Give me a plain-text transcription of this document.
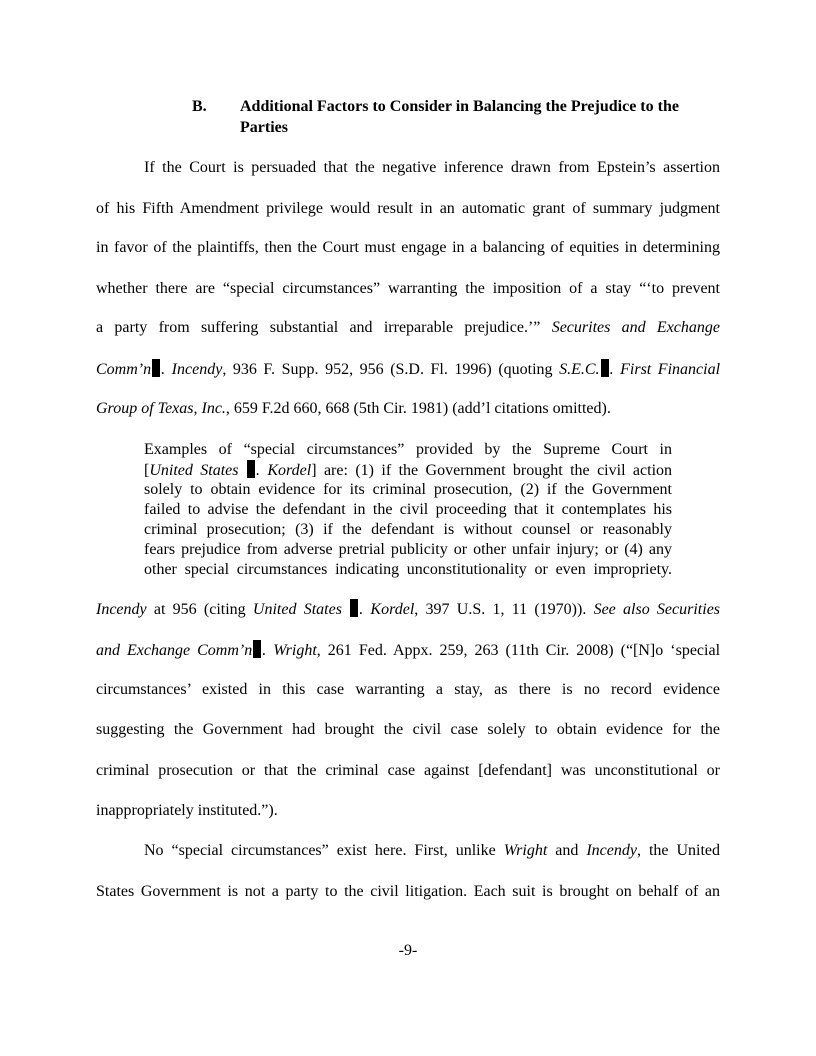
B. Additional Factors to Consider in Balancing the Prejudice to the Parties
If the Court is persuaded that the negative inference drawn from Epstein’s assertion
of his Fifth Amendment privilege would result in an automatic grant of summary judgment
in favor of the plaintiffs, then the Court must engage in a balancing of equities in determining
whether there are “special circumstances” warranting the imposition of a stay “‘to prevent
a party from suffering substantial and irreparable prejudice.’” Securites and Exchange
Comm’n . Incendy, 936 F. Supp. 952, 956 (S.D. Fl. 1996) (quoting S.E.C. . First Financial
Group of Texas, Inc., 659 F.2d 660, 668 (5th Cir. 1981) (add’l citations omitted).
Examples of “special circumstances” provided by the Supreme Court in
[United States . Kordel] are: (1) if the Government brought the civil action
solely to obtain evidence for its criminal prosecution, (2) if the Government
failed to advise the defendant in the civil proceeding that it contemplates his
criminal prosecution; (3) if the defendant is without counsel or reasonably
fears prejudice from adverse pretrial publicity or other unfair injury; or (4) any
other special circumstances indicating unconstitutionality or even impropriety.
Incendy at 956 (citing United States . Kordel, 397 U.S. 1, 11 (1970)). See also Securities
and Exchange Comm’n . Wright, 261 Fed. Appx. 259, 263 (11th Cir. 2008) (“[N]o ‘special
circumstances’ existed in this case warranting a stay, as there is no record evidence
suggesting the Government had brought the civil case solely to obtain evidence for the
criminal prosecution or that the criminal case against [defendant] was unconstitutional or
inappropriately instituted.”).
No “special circumstances” exist here. First, unlike Wright and Incendy, the United
States Government is not a party to the civil litigation. Each suit is brought on behalf of an
-9-
